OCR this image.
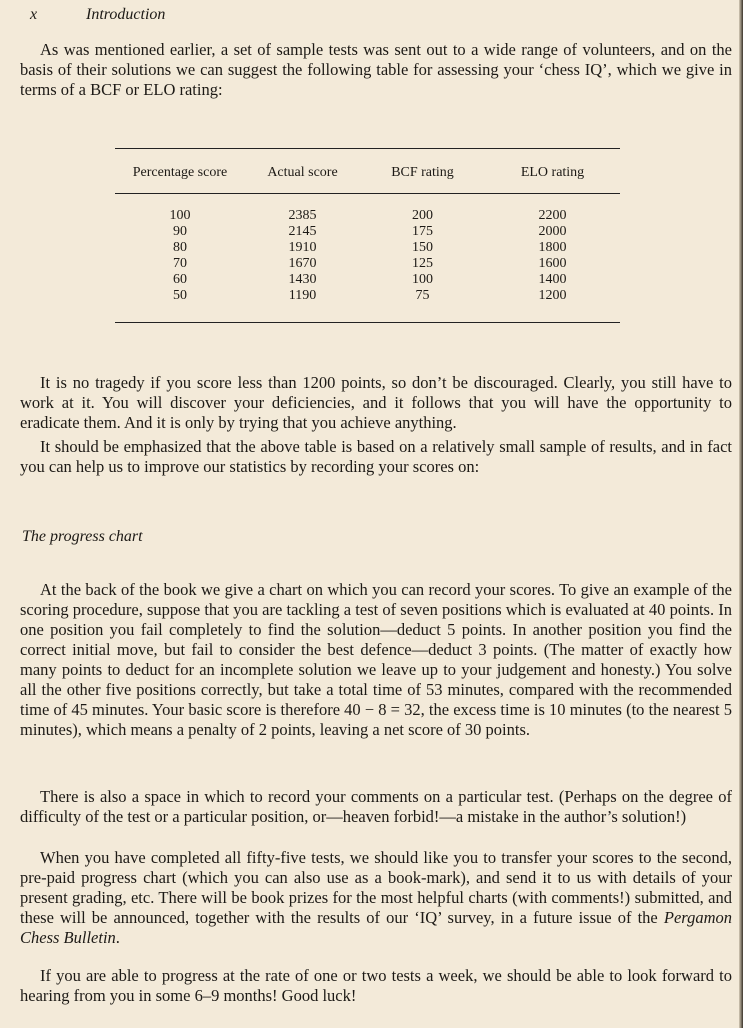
x	Introduction

As was mentioned earlier, a set of sample tests was sent out to a wide range of volunteers, and on the basis of their solutions we can suggest the following table for assessing your ‘chess IQ’, which we give in terms of a BCF or ELO rating:

Percentage score	Actual score	BCF rating	ELO rating

100	2385	200	2200
90	2145	175	2000
80	1910	150	1800
70	1670	125	1600
60	1430	100	1400
50	1190	75	1200

It is no tragedy if you score less than 1200 points, so don’t be discouraged. Clearly, you still have to work at it. You will discover your deficiencies, and it follows that you will have the opportunity to eradicate them. And it is only by trying that you achieve anything.

It should be emphasized that the above table is based on a relatively small sample of results, and in fact you can help us to improve our statistics by recording your scores on:

The progress chart

At the back of the book we give a chart on which you can record your scores. To give an example of the scoring procedure, suppose that you are tackling a test of seven positions which is evaluated at 40 points. In one position you fail completely to find the solution—deduct 5 points. In another position you find the correct initial move, but fail to consider the best defence—deduct 3 points. (The matter of exactly how many points to deduct for an incomplete solution we leave up to your judgement and honesty.) You solve all the other five positions correctly, but take a total time of 53 minutes, compared with the recommended time of 45 minutes. Your basic score is therefore 40 − 8 = 32, the excess time is 10 minutes (to the nearest 5 minutes), which means a penalty of 2 points, leaving a net score of 30 points.

There is also a space in which to record your comments on a particular test. (Perhaps on the degree of difficulty of the test or a particular position, or—heaven forbid!—a mistake in the author’s solution!)

When you have completed all fifty-five tests, we should like you to transfer your scores to the second, pre-paid progress chart (which you can also use as a book-mark), and send it to us with details of your present grading, etc. There will be book prizes for the most helpful charts (with comments!) submitted, and these will be announced, together with the results of our ‘IQ’ survey, in a future issue of the Pergamon Chess Bulletin.

If you are able to progress at the rate of one or two tests a week, we should be able to look forward to hearing from you in some 6–9 months! Good luck!
